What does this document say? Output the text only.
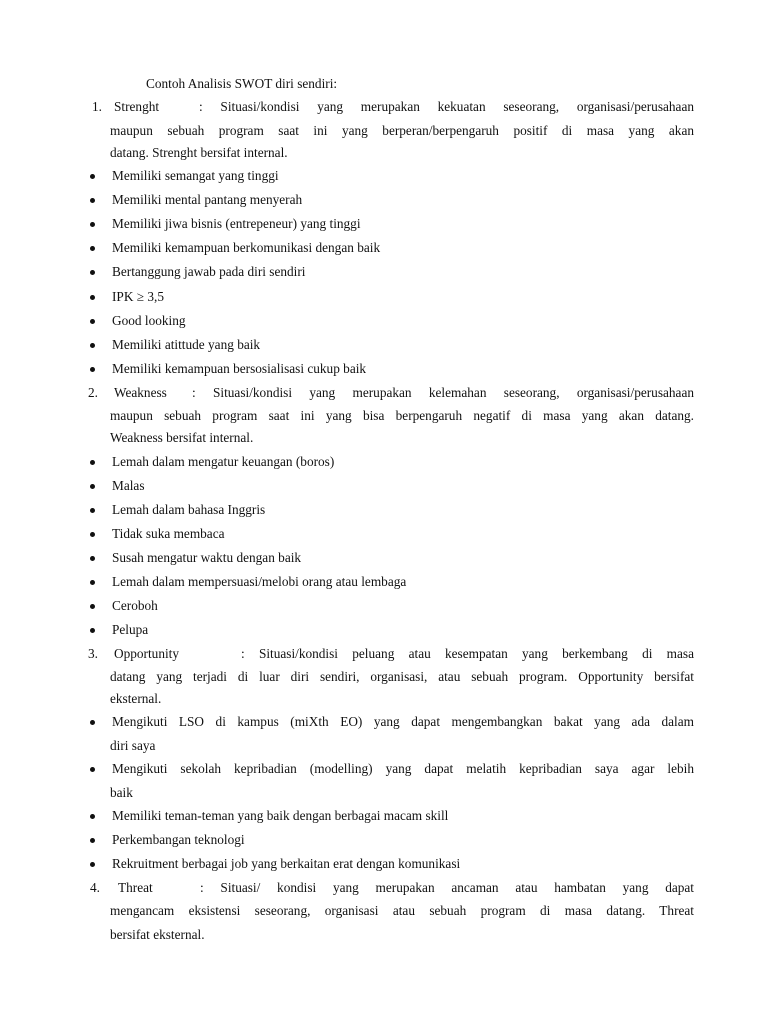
Contoh Analisis SWOT diri sendiri:
1. Strenght	: Situasi/kondisi yang merupakan kekuatan seseorang, organisasi/perusahaan
maupun sebuah program saat ini yang berperan/berpengaruh positif di masa yang akan
datang. Strenght bersifat internal.
Memiliki semangat yang tinggi
Memiliki mental pantang menyerah
Memiliki jiwa bisnis (entrepeneur) yang tinggi
Memiliki kemampuan berkomunikasi dengan baik
Bertanggung jawab pada diri sendiri
IPK ≥ 3,5
Good looking
Memiliki atittude yang baik
Memiliki kemampuan bersosialisasi cukup baik
2. Weakness : Situasi/kondisi yang merupakan kelemahan seseorang, organisasi/perusahaan
maupun sebuah program saat ini yang bisa berpengaruh negatif di masa yang akan datang.
Weakness bersifat internal.
Lemah dalam mengatur keuangan (boros)
Malas
Lemah dalam bahasa Inggris
Tidak suka membaca
Susah mengatur waktu dengan baik
Lemah dalam mempersuasi/melobi orang atau lembaga
Ceroboh
Pelupa
3. Opportunity	: Situasi/kondisi peluang atau kesempatan yang berkembang di masa
datang yang terjadi di luar diri sendiri, organisasi, atau sebuah program. Opportunity bersifat
eksternal.
Mengikuti LSO di kampus (miXth EO) yang dapat mengembangkan bakat yang ada dalam
diri saya
Mengikuti sekolah kepribadian (modelling) yang dapat melatih kepribadian saya agar lebih
baik
Memiliki teman-teman yang baik dengan berbagai macam skill
Perkembangan teknologi
Rekruitment berbagai job yang berkaitan erat dengan komunikasi
4. Threat	: Situasi/ kondisi yang merupakan ancaman atau hambatan yang dapat
mengancam eksistensi seseorang, organisasi atau sebuah program di masa datang. Threat
bersifat eksternal.
